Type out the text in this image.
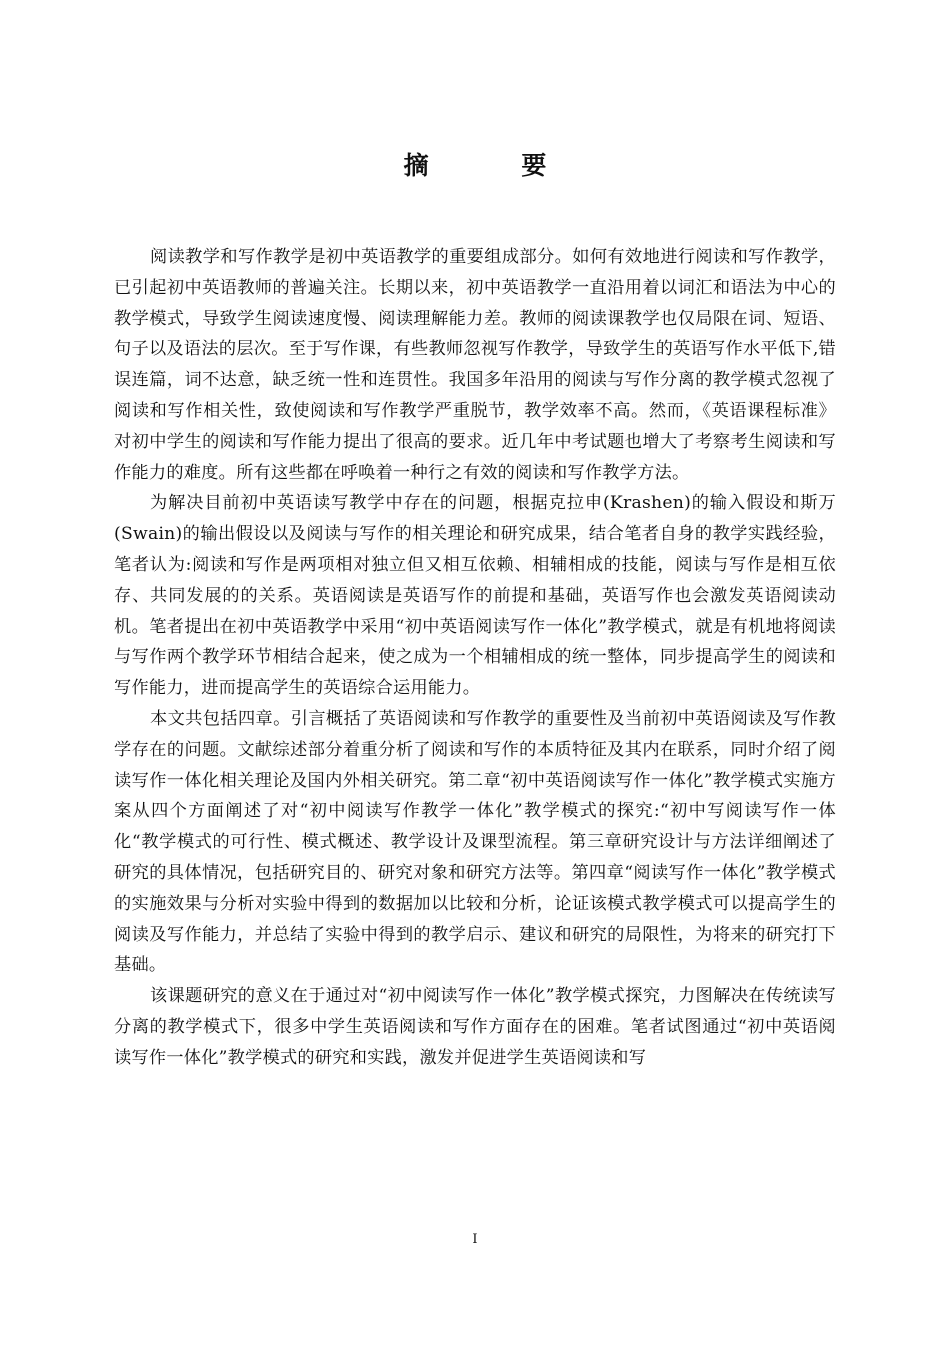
摘 要

阅读教学和写作教学是初中英语教学的重要组成部分。如何有效地进行阅读和写作教学，已引起初中英语教师的普遍关注。长期以来，初中英语教学一直沿用着以词汇和语法为中心的教学模式，导致学生阅读速度慢、阅读理解能力差。教师的阅读课教学也仅局限在词、短语、句子以及语法的层次。至于写作课，有些教师忽视写作教学，导致学生的英语写作水平低下,错误连篇，词不达意，缺乏统一性和连贯性。我国多年沿用的阅读与写作分离的教学模式忽视了阅读和写作相关性，致使阅读和写作教学严重脱节，教学效率不高。然而，《英语课程标准》对初中学生的阅读和写作能力提出了很高的要求。近几年中考试题也增大了考察考生阅读和写作能力的难度。所有这些都在呼唤着一种行之有效的阅读和写作教学方法。

为解决目前初中英语读写教学中存在的问题，根据克拉申(Krashen)的输入假设和斯万(Swain)的输出假设以及阅读与写作的相关理论和研究成果，结合笔者自身的教学实践经验，笔者认为:阅读和写作是两项相对独立但又相互依赖、相辅相成的技能，阅读与写作是相互依存、共同发展的的关系。英语阅读是英语写作的前提和基础，英语写作也会激发英语阅读动机。笔者提出在初中英语教学中采用“初中英语阅读写作一体化”教学模式，就是有机地将阅读与写作两个教学环节相结合起来，使之成为一个相辅相成的统一整体，同步提高学生的阅读和写作能力，进而提高学生的英语综合运用能力。

本文共包括四章。引言概括了英语阅读和写作教学的重要性及当前初中英语阅读及写作教学存在的问题。文献综述部分着重分析了阅读和写作的本质特征及其内在联系，同时介绍了阅读写作一体化相关理论及国内外相关研究。第二章“初中英语阅读写作一体化”教学模式实施方案从四个方面阐述了对“初中阅读写作教学一体化”教学模式的探究:“初中写阅读写作一体化“教学模式的可行性、模式概述、教学设计及课型流程。第三章研究设计与方法详细阐述了研究的具体情况，包括研究目的、研究对象和研究方法等。第四章“阅读写作一体化”教学模式的实施效果与分析对实验中得到的数据加以比较和分析，论证该模式教学模式可以提高学生的阅读及写作能力，并总结了实验中得到的教学启示、建议和研究的局限性，为将来的研究打下基础。

该课题研究的意义在于通过对“初中阅读写作一体化”教学模式探究，力图解决在传统读写分离的教学模式下，很多中学生英语阅读和写作方面存在的困难。笔者试图通过“初中英语阅读写作一体化”教学模式的研究和实践，激发并促进学生英语阅读和写

I
